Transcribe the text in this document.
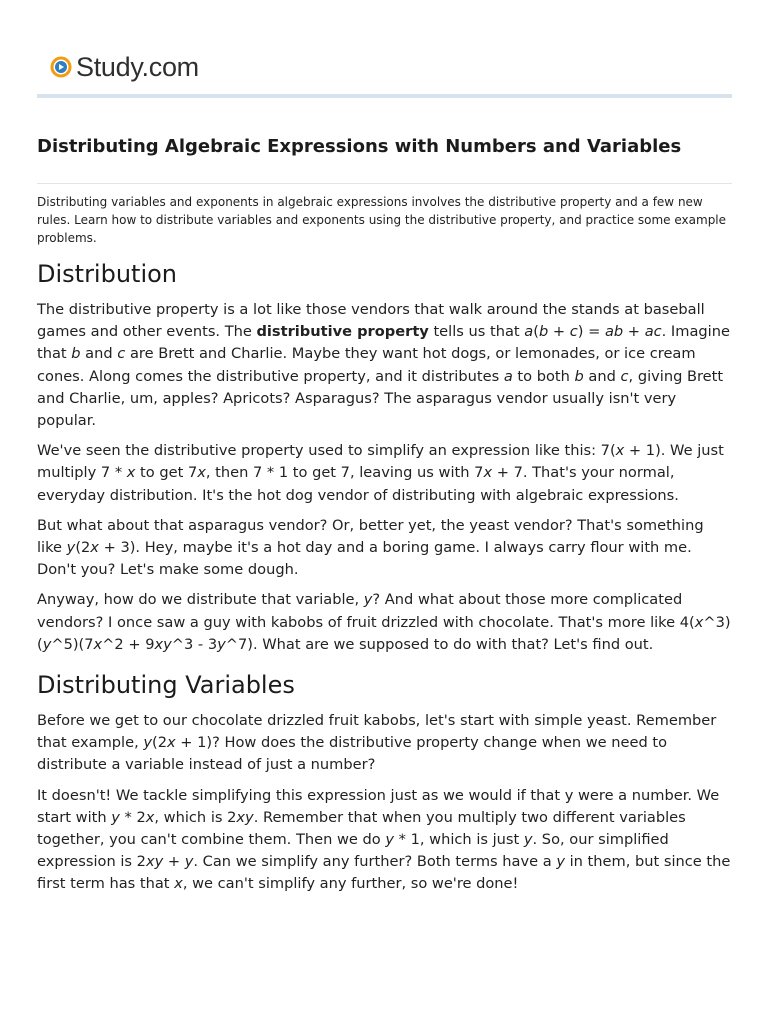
Study.com
Distributing Algebraic Expressions with Numbers and Variables

Distributing variables and exponents in algebraic expressions involves the distributive property and a few new rules. Learn how to distribute variables and exponents using the distributive property, and practice some example problems.

Distribution

The distributive property is a lot like those vendors that walk around the stands at baseball games and other events. The distributive property tells us that a(b + c) = ab + ac. Imagine that b and c are Brett and Charlie. Maybe they want hot dogs, or lemonades, or ice cream cones. Along comes the distributive property, and it distributes a to both b and c, giving Brett and Charlie, um, apples? Apricots? Asparagus? The asparagus vendor usually isn't very popular.

We've seen the distributive property used to simplify an expression like this: 7(x + 1). We just multiply 7 * x to get 7x, then 7 * 1 to get 7, leaving us with 7x + 7. That's your normal, everyday distribution. It's the hot dog vendor of distributing with algebraic expressions.

But what about that asparagus vendor? Or, better yet, the yeast vendor? That's something like y(2x + 3). Hey, maybe it's a hot day and a boring game. I always carry flour with me. Don't you? Let's make some dough.

Anyway, how do we distribute that variable, y? And what about those more complicated vendors? I once saw a guy with kabobs of fruit drizzled with chocolate. That's more like 4(x^3)(y^5)(7x^2 + 9xy^3 - 3y^7). What are we supposed to do with that? Let's find out.

Distributing Variables

Before we get to our chocolate drizzled fruit kabobs, let's start with simple yeast. Remember that example, y(2x + 1)? How does the distributive property change when we need to distribute a variable instead of just a number?

It doesn't! We tackle simplifying this expression just as we would if that y were a number. We start with y * 2x, which is 2xy. Remember that when you multiply two different variables together, you can't combine them. Then we do y * 1, which is just y. So, our simplified expression is 2xy + y. Can we simplify any further? Both terms have a y in them, but since the first term has that x, we can't simplify any further, so we're done!
